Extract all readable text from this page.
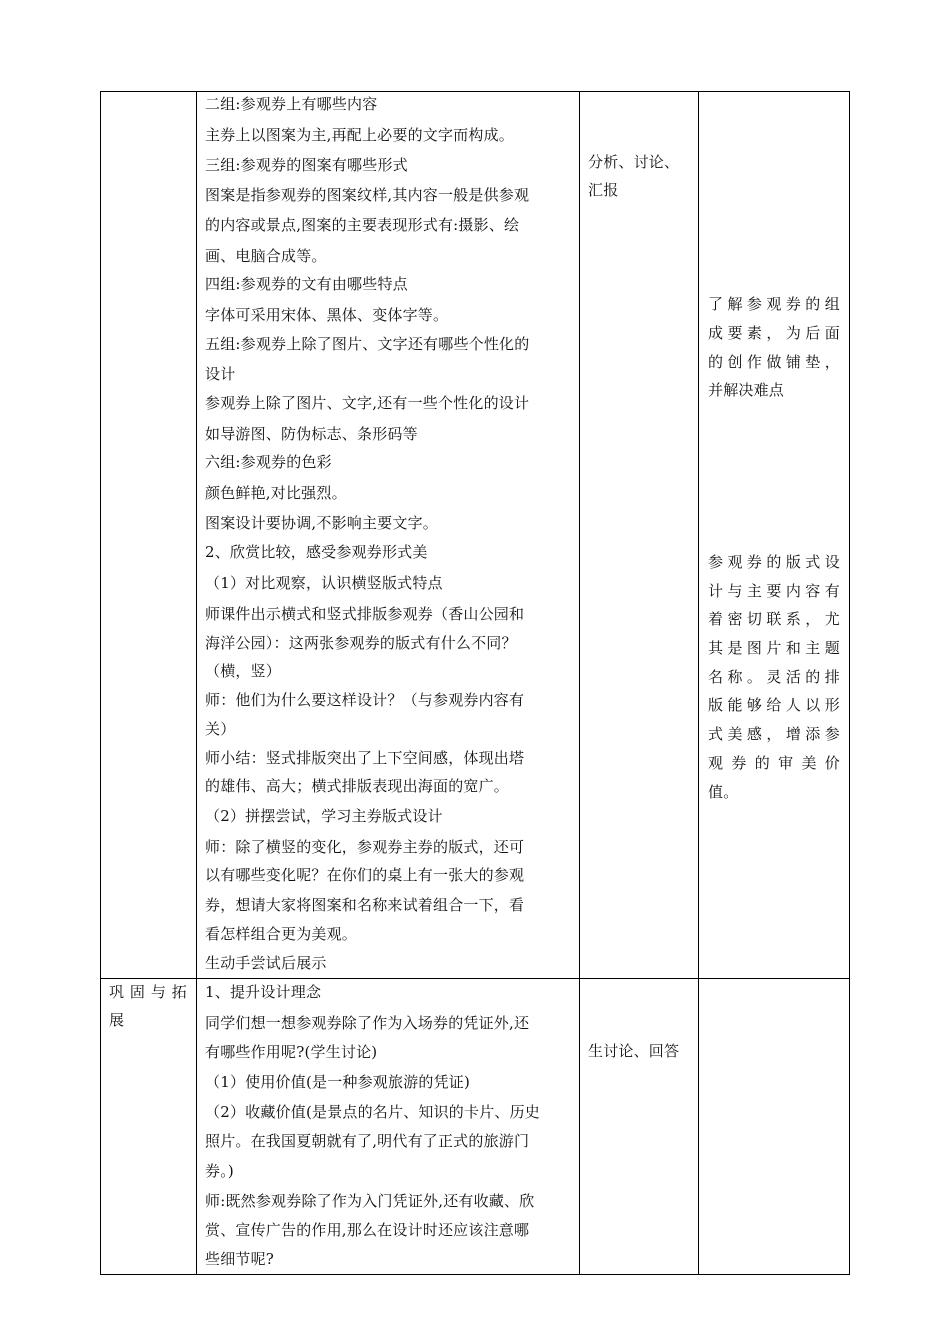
二组:参观券上有哪些内容
主券上以图案为主,再配上必要的文字而构成。
三组:参观券的图案有哪些形式
图案是指参观券的图案纹样,其内容一般是供参观
的内容或景点,图案的主要表现形式有:摄影、绘
画、电脑合成等。
四组:参观券的文有由哪些特点
字体可采用宋体、黑体、变体字等。
五组:参观券上除了图片、文字还有哪些个性化的
设计
参观券上除了图片、文字,还有一些个性化的设计
如导游图、防伪标志、条形码等
六组:参观券的色彩
颜色鲜艳,对比强烈。
图案设计要协调,不影响主要文字。
2、欣赏比较，感受参观券形式美
（1）对比观察，认识横竖版式特点
师课件出示横式和竖式排版参观券（香山公园和
海洋公园）：这两张参观券的版式有什么不同？
（横，竖）
师：他们为什么要这样设计？（与参观券内容有
关）
师小结：竖式排版突出了上下空间感，体现出塔
的雄伟、高大；横式排版表现出海面的宽广。
（2）拼摆尝试，学习主券版式设计
师：除了横竖的变化，参观券主券的版式，还可
以有哪些变化呢？在你们的桌上有一张大的参观
券，想请大家将图案和名称来试着组合一下，看
看怎样组合更为美观。
生动手尝试后展示
分析、讨论、
汇报
了 解 参 观 券 的 组
成 要 素 ， 为 后 面
的 创 作 做 铺 垫 ，
并解决难点
参 观 券 的 版 式 设
计 与 主 要 内 容 有
着 密 切 联 系 ， 尤
其 是 图 片 和 主 题
名 称 。 灵 活 的 排
版 能 够 给 人 以 形
式 美 感 ， 增 添 参
观 券 的 审 美 价
值。
巩 固 与 拓
展
1、提升设计理念
同学们想一想参观券除了作为入场券的凭证外,还
有哪些作用呢?(学生讨论)
（1）使用价值(是一种参观旅游的凭证)
（2）收藏价值(是景点的名片、知识的卡片、历史
照片。在我国夏朝就有了,明代有了正式的旅游门
券。)
师:既然参观券除了作为入门凭证外,还有收藏、欣
赏、宣传广告的作用,那么在设计时还应该注意哪
些细节呢?
生讨论、回答
